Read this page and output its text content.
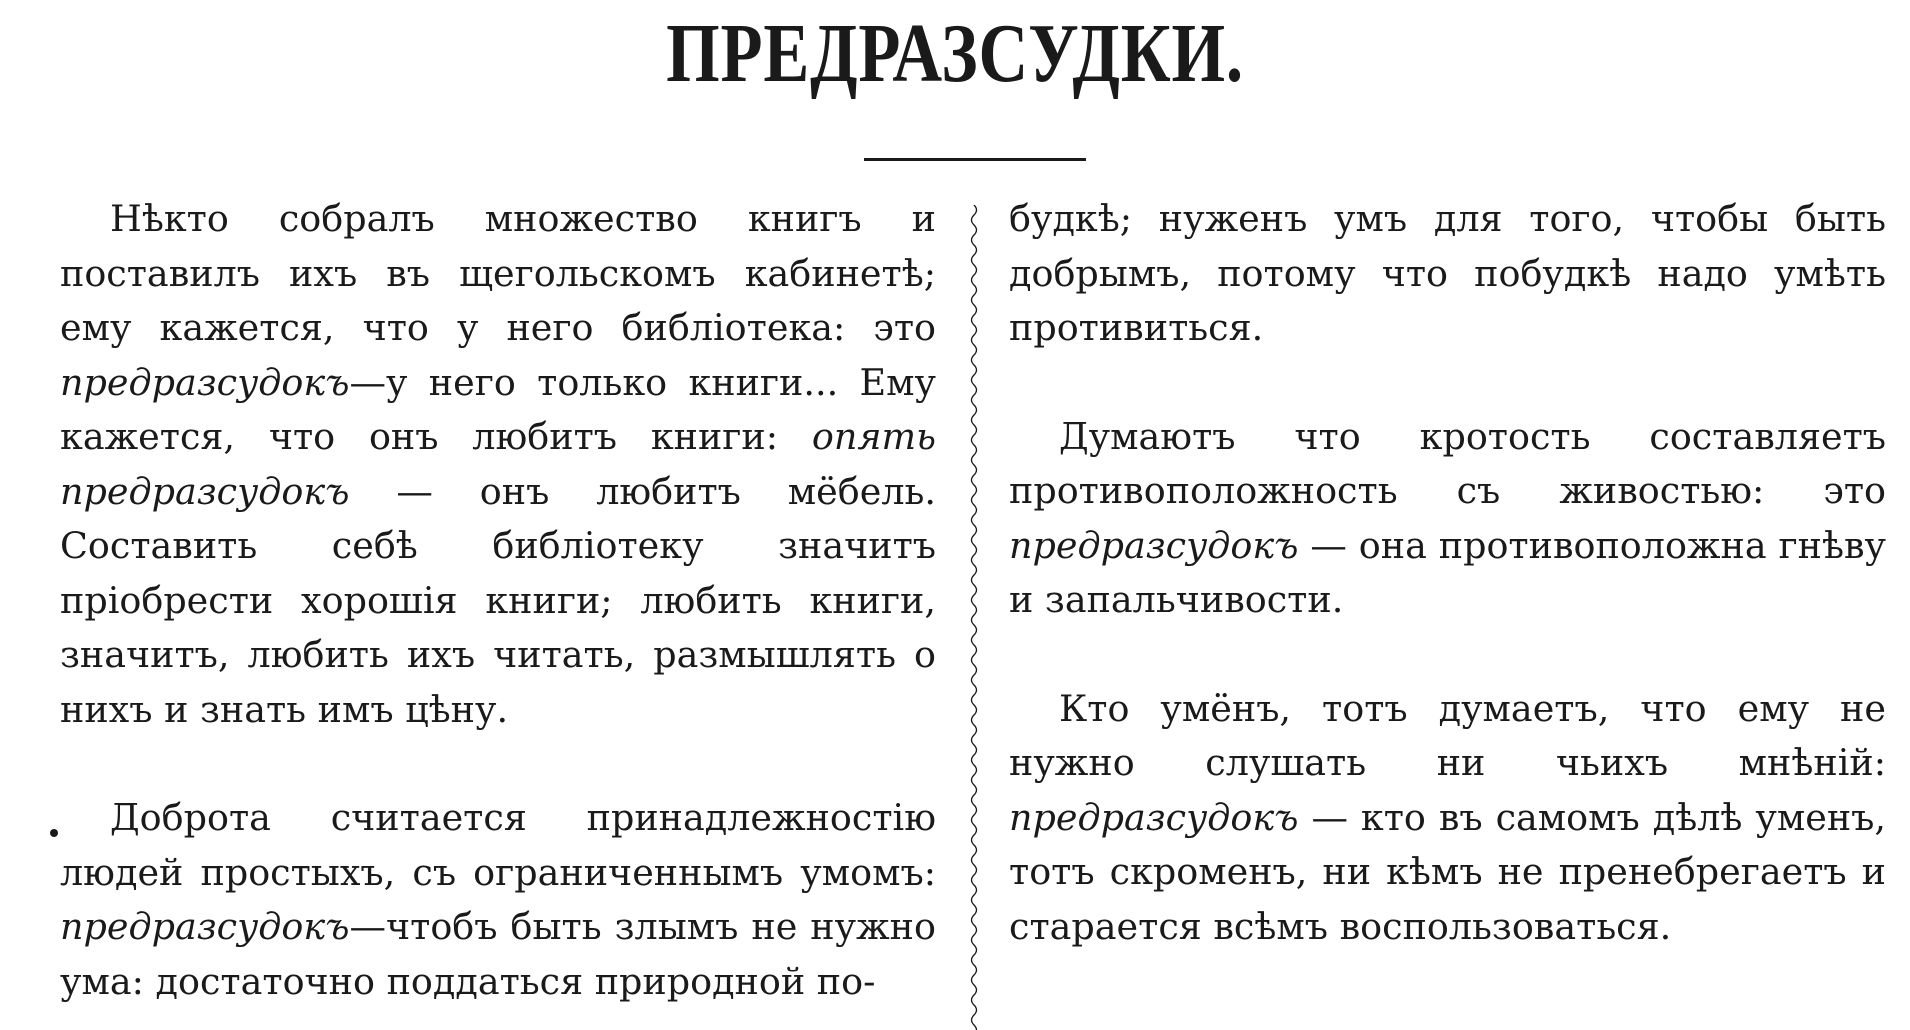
ПРЕДРАЗСУДКИ.

Нѣкто собралъ множество книгъ и поставилъ ихъ въ щегольскомъ кабинетѣ; ему кажется, что у него библіотека: это предразсудокъ—у него только книги... Ему кажется, что онъ любитъ книги: опять предразсудокъ — онъ любитъ мёбель. Составить себѣ библіотеку значитъ пріобрести хорошія книги; любить книги, значитъ, любить ихъ читать, размышлять о нихъ и знать имъ цѣну.

Доброта считается принадлежностію людей простыхъ, съ ограниченнымъ умомъ: предразсудокъ—чтобъ быть злымъ не нужно ума: достаточно поддаться природной по-

будкѣ; нуженъ умъ для того, чтобы быть добрымъ, потому что побудкѣ надо умѣть противиться.

Думаютъ что кротость составляетъ противоположность съ живостью: это предразсудокъ — она противоположна гнѣву и запальчивости.

Кто умёнъ, тотъ думаетъ, что ему не нужно слушать ни чьихъ мнѣній: предразсудокъ — кто въ самомъ дѣлѣ уменъ, тотъ скроменъ, ни кѣмъ не пренебрегаетъ и старается всѣмъ воспользоваться.
